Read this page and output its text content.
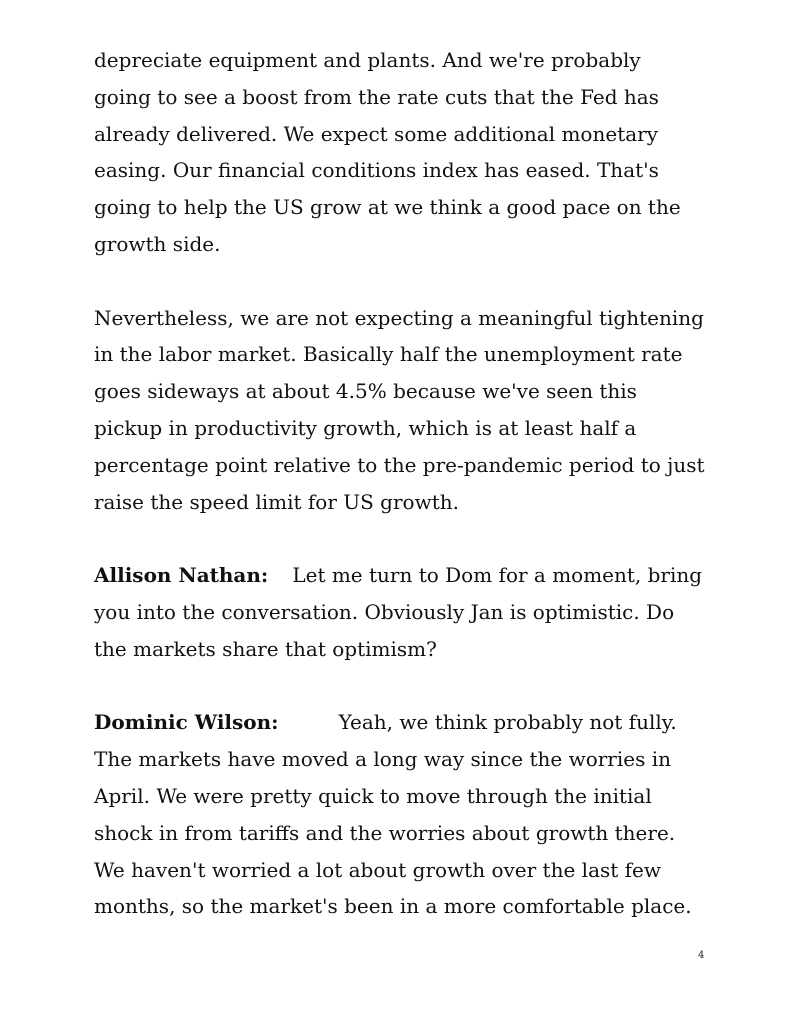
depreciate equipment and plants. And we're probably
going to see a boost from the rate cuts that the Fed has
already delivered. We expect some additional monetary
easing. Our financial conditions index has eased. That's
going to help the US grow at we think a good pace on the
growth side.

Nevertheless, we are not expecting a meaningful tightening
in the labor market. Basically half the unemployment rate
goes sideways at about 4.5% because we've seen this
pickup in productivity growth, which is at least half a
percentage point relative to the pre-pandemic period to just
raise the speed limit for US growth.

Allison Nathan: Let me turn to Dom for a moment, bring
you into the conversation. Obviously Jan is optimistic. Do
the markets share that optimism?

Dominic Wilson:	Yeah, we think probably not fully.
The markets have moved a long way since the worries in
April. We were pretty quick to move through the initial
shock in from tariffs and the worries about growth there.
We haven't worried a lot about growth over the last few
months, so the market's been in a more comfortable place.

4
